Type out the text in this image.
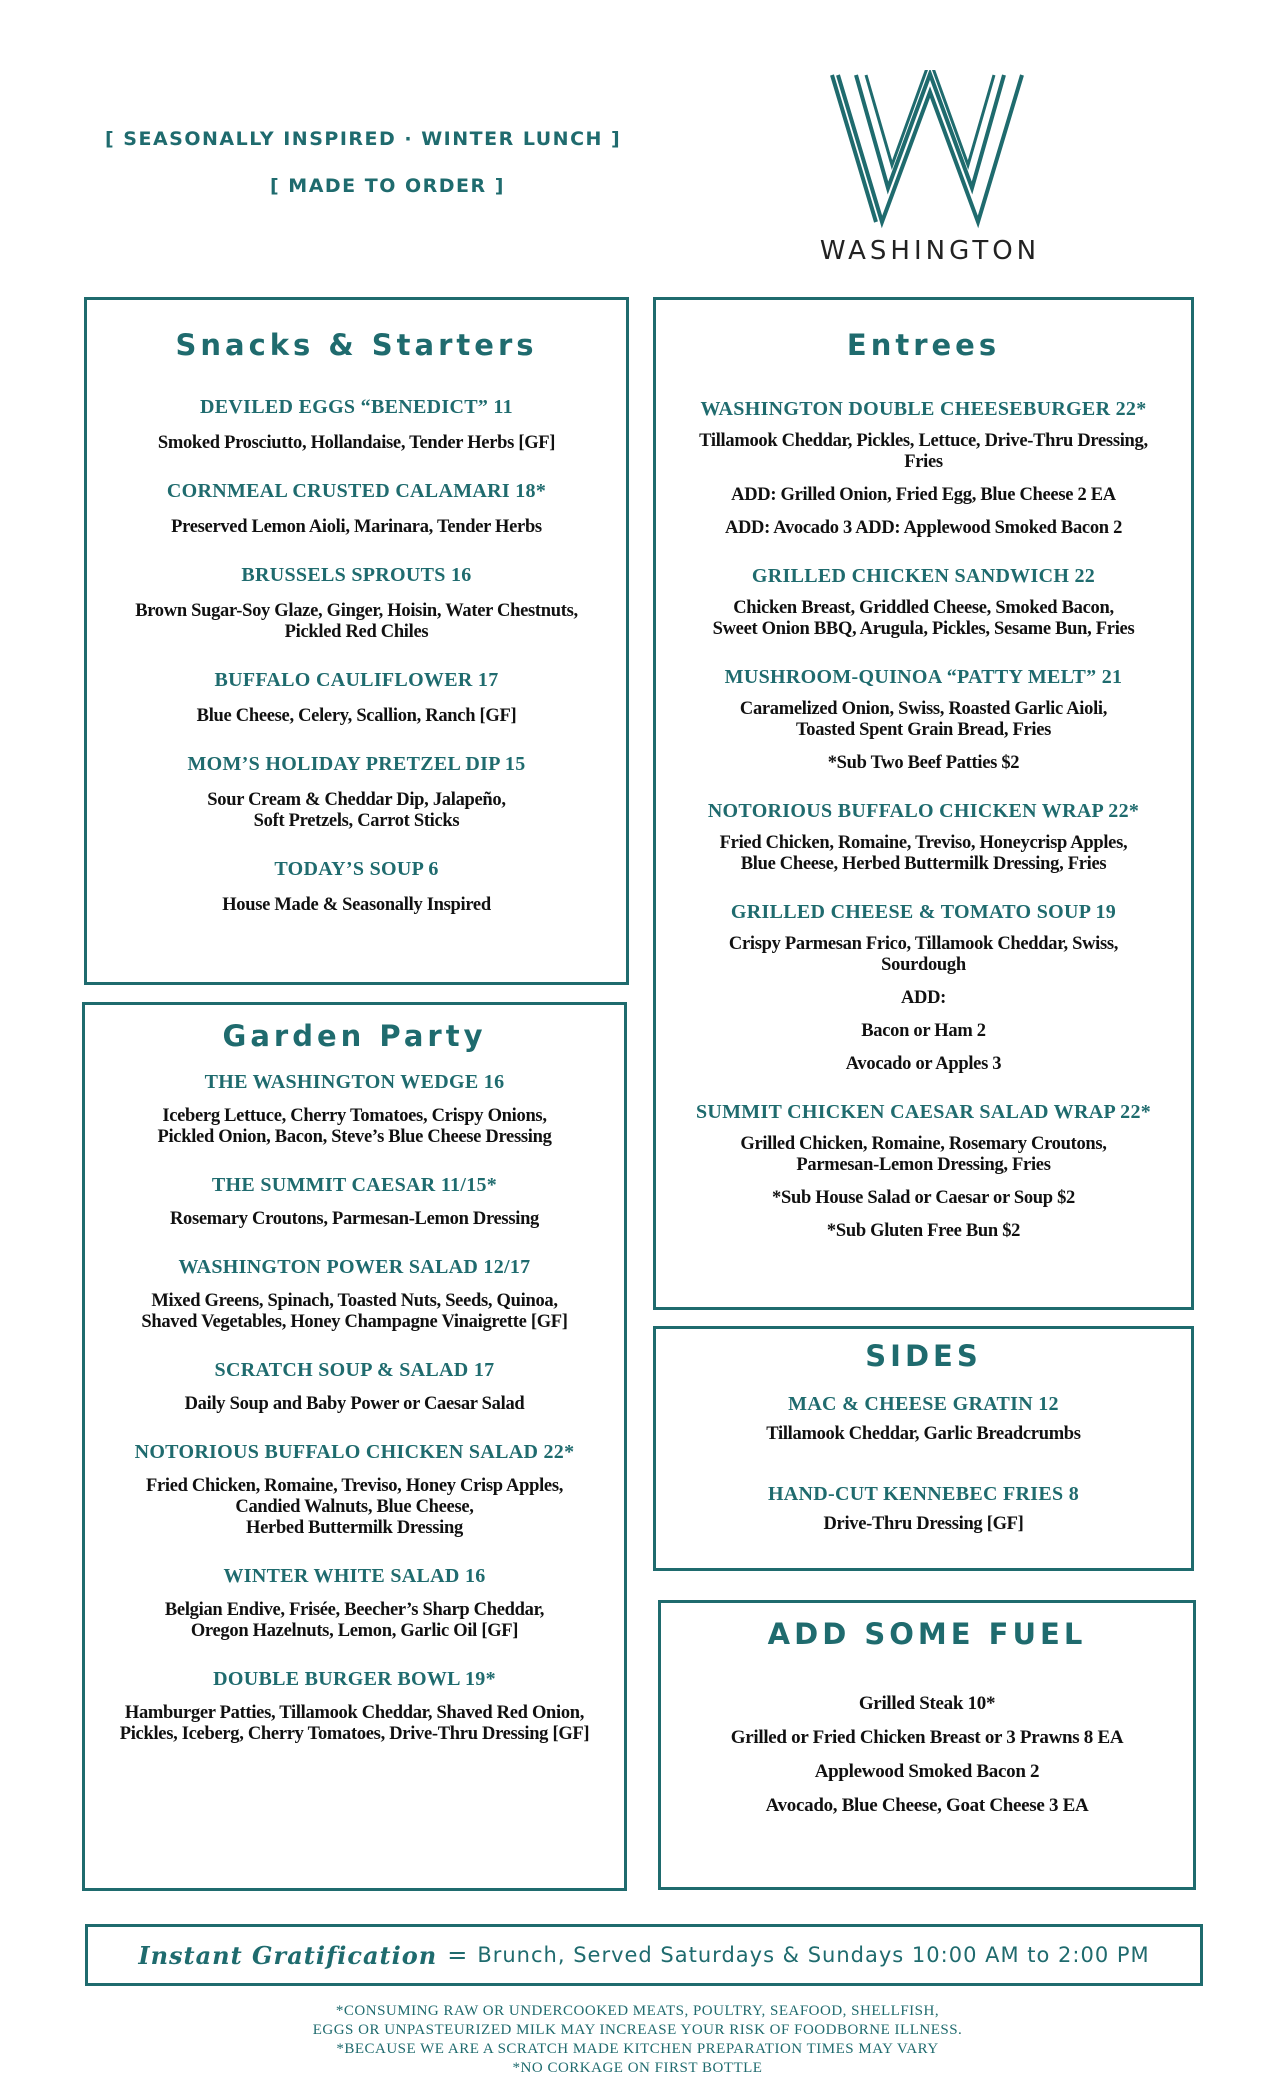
[ SEASONALLY INSPIRED · WINTER LUNCH ]
[ MADE TO ORDER ]
WASHINGTON
Snacks & Starters
DEVILED EGGS “BENEDICT” 11
Smoked Prosciutto, Hollandaise, Tender Herbs [GF]
CORNMEAL CRUSTED CALAMARI 18*
Preserved Lemon Aioli, Marinara, Tender Herbs
BRUSSELS SPROUTS 16
Brown Sugar-Soy Glaze, Ginger, Hoisin, Water Chestnuts,
Pickled Red Chiles
BUFFALO CAULIFLOWER 17
Blue Cheese, Celery, Scallion, Ranch [GF]
MOM’S HOLIDAY PRETZEL DIP 15
Sour Cream & Cheddar Dip, Jalapeño,
Soft Pretzels, Carrot Sticks
TODAY’S SOUP 6
House Made & Seasonally Inspired
Garden Party
THE WASHINGTON WEDGE 16
Iceberg Lettuce, Cherry Tomatoes, Crispy Onions,
Pickled Onion, Bacon, Steve’s Blue Cheese Dressing
THE SUMMIT CAESAR 11/15*
Rosemary Croutons, Parmesan-Lemon Dressing
WASHINGTON POWER SALAD 12/17
Mixed Greens, Spinach, Toasted Nuts, Seeds, Quinoa,
Shaved Vegetables, Honey Champagne Vinaigrette [GF]
SCRATCH SOUP & SALAD 17
Daily Soup and Baby Power or Caesar Salad
NOTORIOUS BUFFALO CHICKEN SALAD 22*
Fried Chicken, Romaine, Treviso, Honey Crisp Apples,
Candied Walnuts, Blue Cheese,
Herbed Buttermilk Dressing
WINTER WHITE SALAD 16
Belgian Endive, Frisée, Beecher’s Sharp Cheddar,
Oregon Hazelnuts, Lemon, Garlic Oil [GF]
DOUBLE BURGER BOWL 19*
Hamburger Patties, Tillamook Cheddar, Shaved Red Onion,
Pickles, Iceberg, Cherry Tomatoes, Drive-Thru Dressing [GF]
Entrees
WASHINGTON DOUBLE CHEESEBURGER 22*
Tillamook Cheddar, Pickles, Lettuce, Drive-Thru Dressing,
Fries
ADD: Grilled Onion, Fried Egg, Blue Cheese 2 EA
ADD: Avocado 3 ADD: Applewood Smoked Bacon 2
GRILLED CHICKEN SANDWICH 22
Chicken Breast, Griddled Cheese, Smoked Bacon,
Sweet Onion BBQ, Arugula, Pickles, Sesame Bun, Fries
MUSHROOM-QUINOA “PATTY MELT” 21
Caramelized Onion, Swiss, Roasted Garlic Aioli,
Toasted Spent Grain Bread, Fries
*Sub Two Beef Patties $2
NOTORIOUS BUFFALO CHICKEN WRAP 22*
Fried Chicken, Romaine, Treviso, Honeycrisp Apples,
Blue Cheese, Herbed Buttermilk Dressing, Fries
GRILLED CHEESE & TOMATO SOUP 19
Crispy Parmesan Frico, Tillamook Cheddar, Swiss,
Sourdough
ADD:
Bacon or Ham 2
Avocado or Apples 3
SUMMIT CHICKEN CAESAR SALAD WRAP 22*
Grilled Chicken, Romaine, Rosemary Croutons,
Parmesan-Lemon Dressing, Fries
*Sub House Salad or Caesar or Soup $2
*Sub Gluten Free Bun $2
SIDES
MAC & CHEESE GRATIN 12
Tillamook Cheddar, Garlic Breadcrumbs
HAND-CUT KENNEBEC FRIES 8
Drive-Thru Dressing [GF]
ADD SOME FUEL
Grilled Steak 10*
Grilled or Fried Chicken Breast or 3 Prawns 8 EA
Applewood Smoked Bacon 2
Avocado, Blue Cheese, Goat Cheese 3 EA
Instant Gratification = Brunch, Served Saturdays & Sundays 10:00 AM to 2:00 PM
*CONSUMING RAW OR UNDERCOOKED MEATS, POULTRY, SEAFOOD, SHELLFISH,
EGGS OR UNPASTEURIZED MILK MAY INCREASE YOUR RISK OF FOODBORNE ILLNESS.
*BECAUSE WE ARE A SCRATCH MADE KITCHEN PREPARATION TIMES MAY VARY
*NO CORKAGE ON FIRST BOTTLE
